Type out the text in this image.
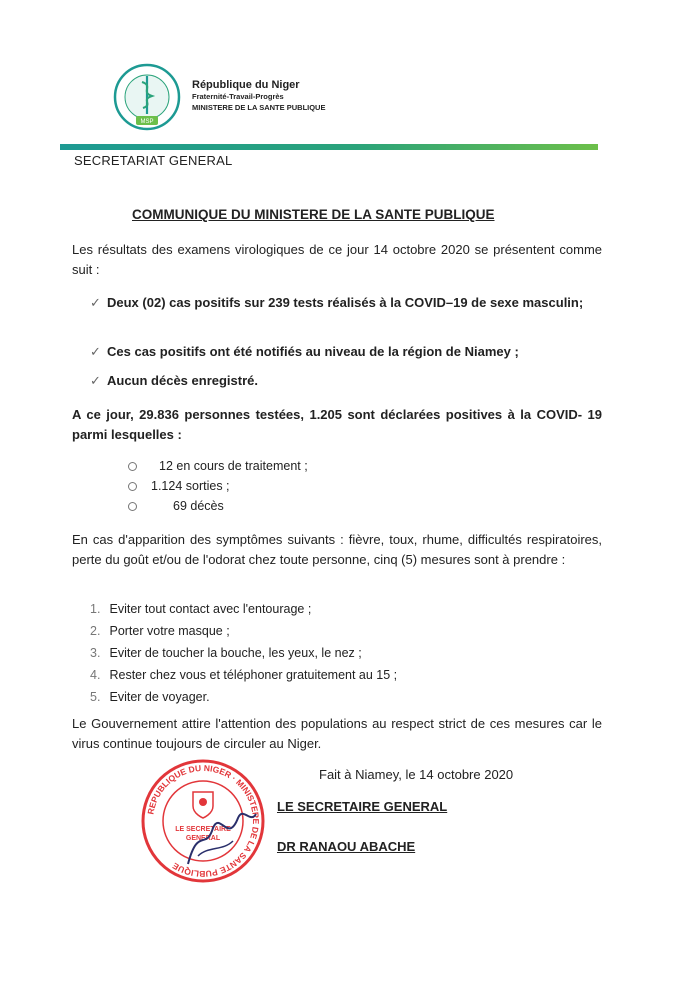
MSP
République du Niger
Fraternité-Travail-Progrès
MINISTERE DE LA SANTE PUBLIQUE
SECRETARIAT GENERAL
COMMUNIQUE DU MINISTERE DE LA SANTE PUBLIQUE
Les résultats des examens virologiques de ce jour 14 octobre 2020 se présentent comme suit :
✓ Deux (02) cas positifs sur 239 tests réalisés à la COVID–19 de sexe masculin;
✓ Ces cas positifs ont été notifiés au niveau de la région de Niamey ;
✓ Aucun décès enregistré.
A ce jour, 29.836 personnes testées, 1.205 sont déclarées positives à la COVID- 19 parmi lesquelles :
12 en cours de traitement ;
1.124 sorties ;
69 décès
En cas d'apparition des symptômes suivants : fièvre, toux, rhume, difficultés respiratoires, perte du goût et/ou de l'odorat chez toute personne, cinq (5) mesures sont à prendre :
1. Eviter tout contact avec l'entourage ;
2. Porter votre masque ;
3. Eviter de toucher la bouche, les yeux, le nez ;
4. Rester chez vous et téléphoner gratuitement au 15 ;
5. Eviter de voyager.
Le Gouvernement attire l'attention des populations au respect strict de ces mesures car le virus continue toujours de circuler au Niger.
Fait à Niamey, le 14 octobre 2020
REPUBLIQUE DU NIGER · MINISTERE DE LA SANTE PUBLIQUE
LE SECRETAIRE
GENERAL
LE SECRETAIRE GENERAL
DR RANAOU ABACHE
